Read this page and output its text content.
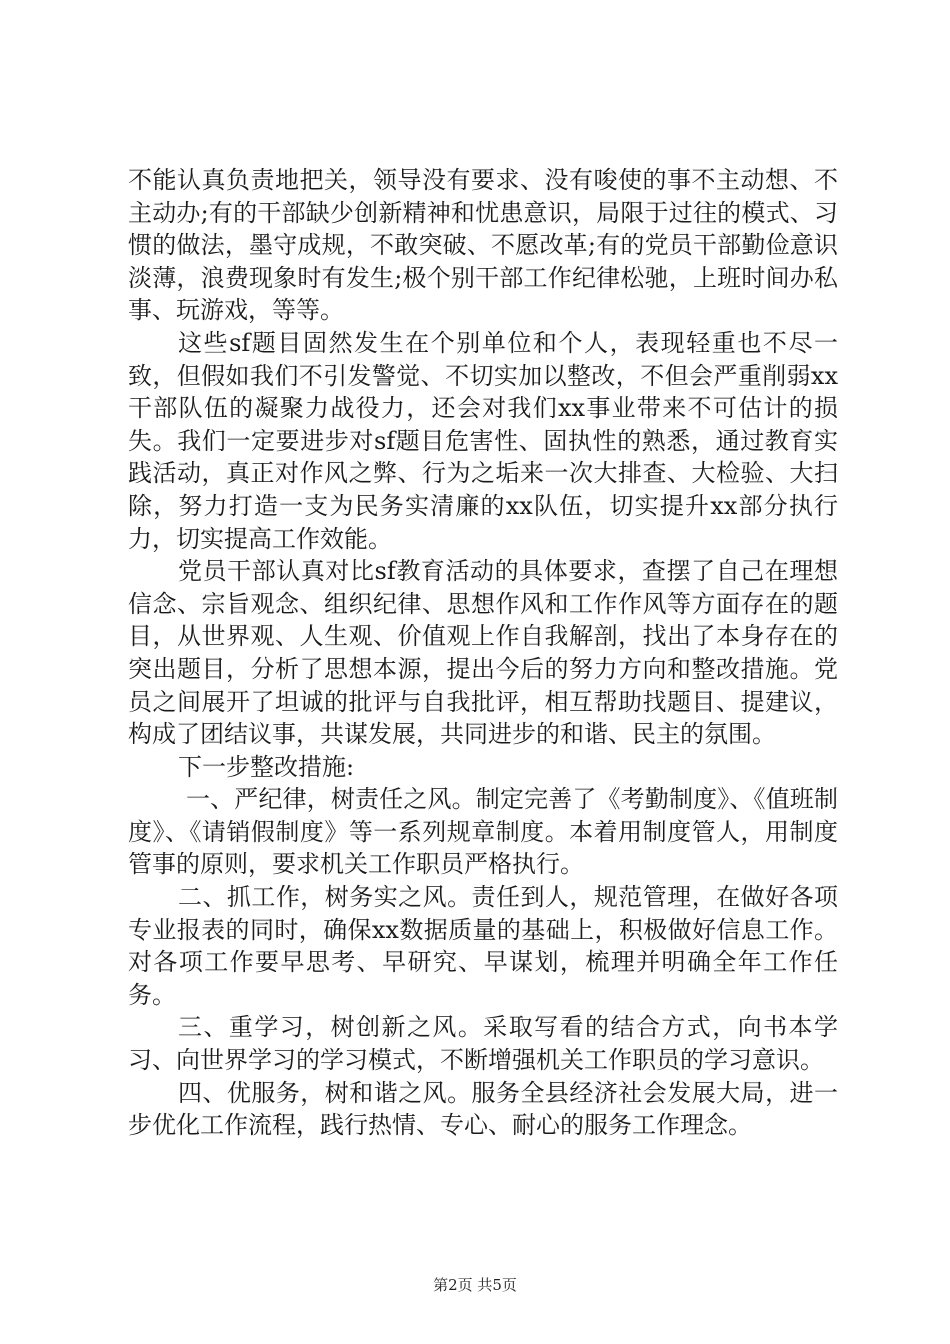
不能认真负责地把关，领导没有要求、没有唆使的事不主动想、不主动办;有的干部缺少创新精神和忧患意识，局限于过往的模式、习惯的做法，墨守成规，不敢突破、不愿改革;有的党员干部勤俭意识淡薄，浪费现象时有发生;极个别干部工作纪律松驰，上班时间办私事、玩游戏，等等。

这些sf题目固然发生在个别单位和个人，表现轻重也不尽一致，但假如我们不引发警觉、不切实加以整改，不但会严重削弱xx干部队伍的凝聚力战役力，还会对我们xx事业带来不可估计的损失。我们一定要进步对sf题目危害性、固执性的熟悉，通过教育实践活动，真正对作风之弊、行为之垢来一次大排查、大检验、大扫除，努力打造一支为民务实清廉的xx队伍，切实提升xx部分执行力，切实提高工作效能。

党员干部认真对比sf教育活动的具体要求，查摆了自己在理想信念、宗旨观念、组织纪律、思想作风和工作作风等方面存在的题目，从世界观、人生观、价值观上作自我解剖，找出了本身存在的突出题目，分析了思想本源，提出今后的努力方向和整改措施。党员之间展开了坦诚的批评与自我批评，相互帮助找题目、提建议，构成了团结议事，共谋发展，共同进步的和谐、民主的氛围。

下一步整改措施:

一、严纪律，树责任之风。制定完善了《考勤制度》、《值班制度》、《请销假制度》等一系列规章制度。本着用制度管人，用制度管事的原则，要求机关工作职员严格执行。

二、抓工作，树务实之风。责任到人，规范管理，在做好各项专业报表的同时，确保xx数据质量的基础上，积极做好信息工作。对各项工作要早思考、早研究、早谋划，梳理并明确全年工作任务。

三、重学习，树创新之风。采取写看的结合方式，向书本学习、向世界学习的学习模式，不断增强机关工作职员的学习意识。

四、优服务，树和谐之风。服务全县经济社会发展大局，进一步优化工作流程，践行热情、专心、耐心的服务工作理念。

第2页 共5页
